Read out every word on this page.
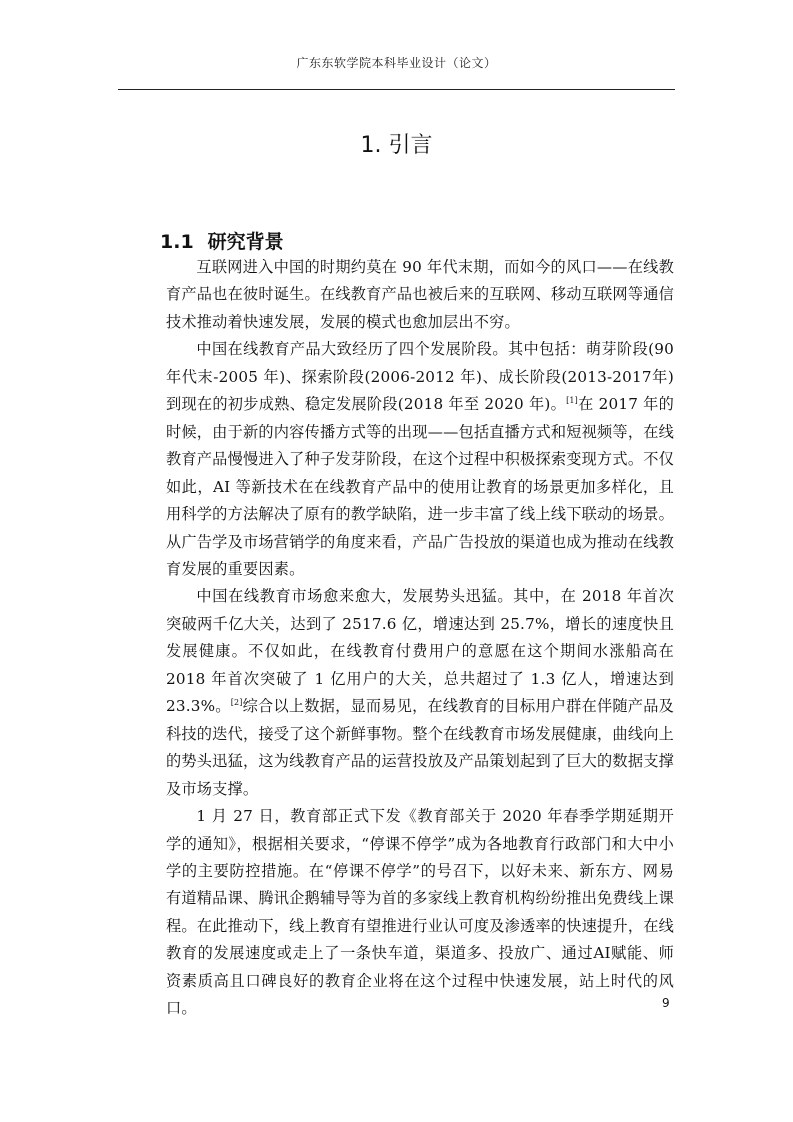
广东东软学院本科毕业设计（论文）
1. 引言
1.1 研究背景

互联网进入中国的时期约莫在 90 年代末期，而如今的风口——在线教育产品也在彼时诞生。在线教育产品也被后来的互联网、移动互联网等通信技术推动着快速发展，发展的模式也愈加层出不穷。

中国在线教育产品大致经历了四个发展阶段。其中包括：萌芽阶段(90 年代末-2005 年)、探索阶段(2006-2012 年)、成长阶段(2013-2017年)到现在的初步成熟、稳定发展阶段(2018 年至 2020 年)。[1]在 2017 年的时候，由于新的内容传播方式等的出现——包括直播方式和短视频等，在线教育产品慢慢进入了种子发芽阶段，在这个过程中积极探索变现方式。不仅如此，AI 等新技术在在线教育产品中的使用让教育的场景更加多样化，且用科学的方法解决了原有的教学缺陷，进一步丰富了线上线下联动的场景。从广告学及市场营销学的角度来看，产品广告投放的渠道也成为推动在线教育发展的重要因素。

中国在线教育市场愈来愈大，发展势头迅猛。其中，在 2018 年首次突破两千亿大关，达到了 2517.6 亿，增速达到 25.7%，增长的速度快且发展健康。不仅如此，在线教育付费用户的意愿在这个期间水涨船高在2018 年首次突破了 1 亿用户的大关，总共超过了 1.3 亿人，增速达到23.3%。[2]综合以上数据，显而易见，在线教育的目标用户群在伴随产品及科技的迭代，接受了这个新鲜事物。整个在线教育市场发展健康，曲线向上的势头迅猛，这为线教育产品的运营投放及产品策划起到了巨大的数据支撑及市场支撑。

1 月 27 日，教育部正式下发《教育部关于 2020 年春季学期延期开学的通知》，根据相关要求，“停课不停学”成为各地教育行政部门和大中小学的主要防控措施。在“停课不停学”的号召下，以好未来、新东方、网易有道精品课、腾讯企鹅辅导等为首的多家线上教育机构纷纷推出免费线上课程。在此推动下，线上教育有望推进行业认可度及渗透率的快速提升，在线教育的发展速度或走上了一条快车道，渠道多、投放广、通过AI赋能、师资素质高且口碑良好的教育企业将在这个过程中快速发展，站上时代的风口。	9
